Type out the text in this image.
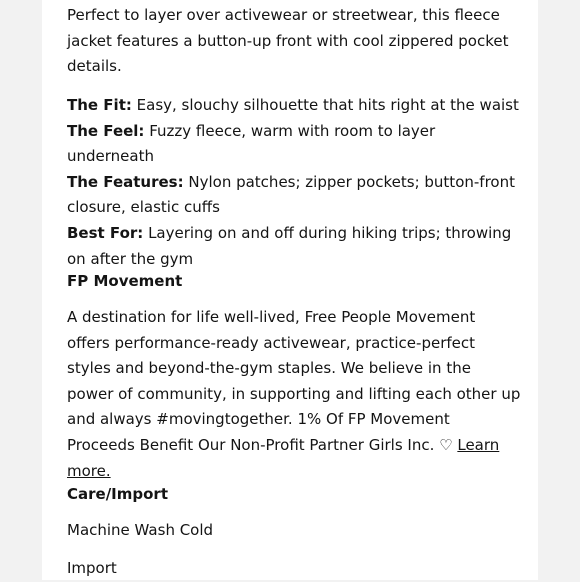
Perfect to layer over activewear or streetwear, this fleece jacket features a button-up front with cool zippered pocket details.

The Fit: Easy, slouchy silhouette that hits right at the waist
The Feel: Fuzzy fleece, warm with room to layer underneath
The Features: Nylon patches; zipper pockets; button-front closure, elastic cuffs
Best For: Layering on and off during hiking trips; throwing on after the gym
FP Movement

A destination for life well-lived, Free People Movement offers performance-ready activewear, practice-perfect styles and beyond-the-gym staples. We believe in the power of community, in supporting and lifting each other up and always #movingtogether. 1% Of FP Movement Proceeds Benefit Our Non-Profit Partner Girls Inc. ♡ Learn more.

Care/Import
Machine Wash Cold
Import
